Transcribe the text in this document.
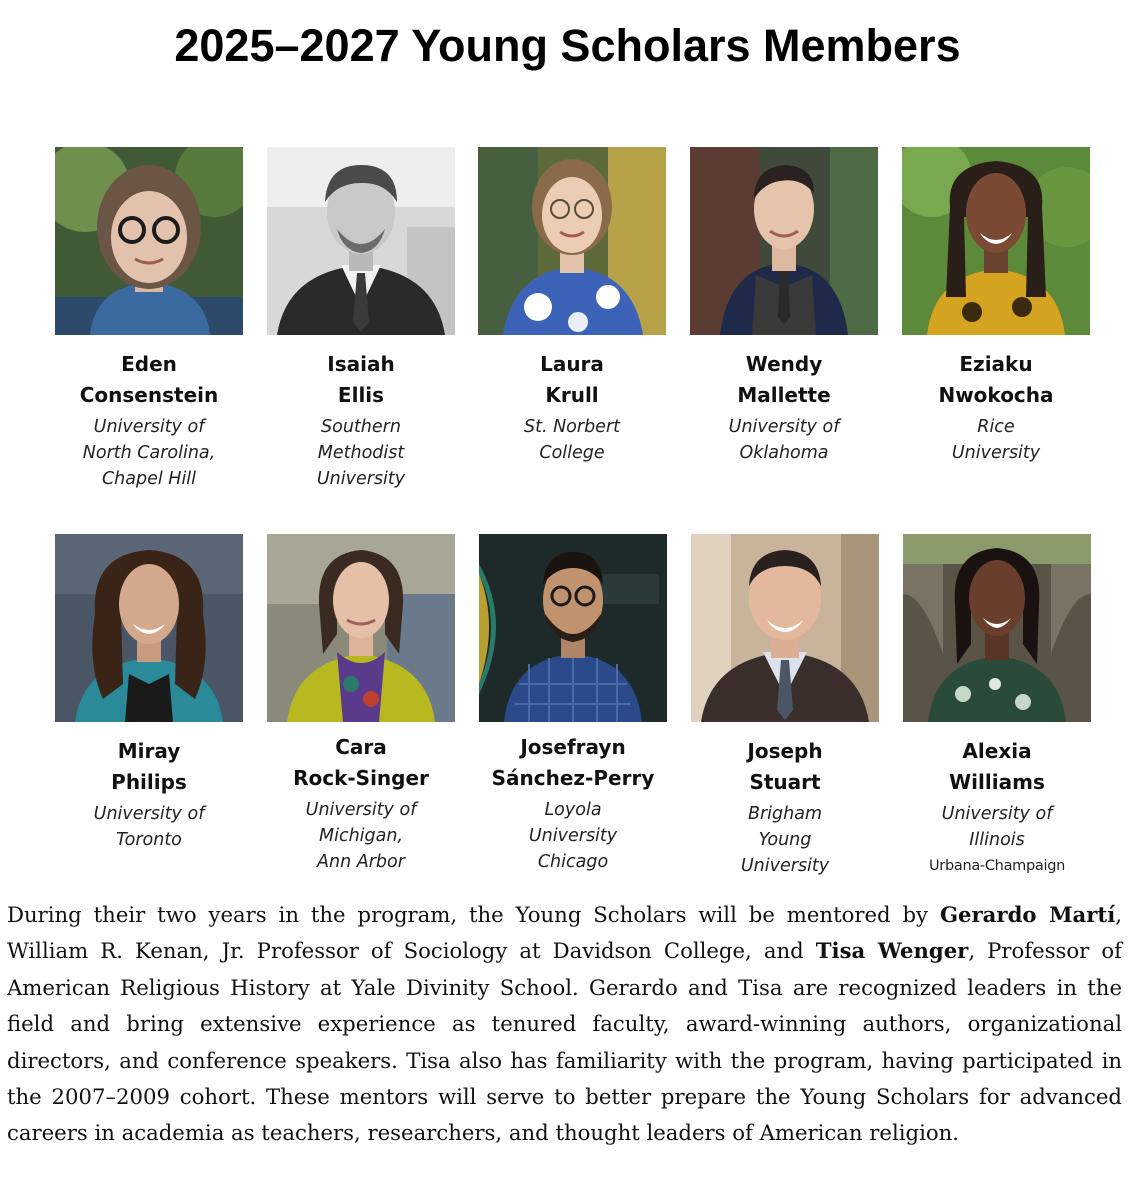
2025–2027 Young Scholars Members
Eden
Consenstein
University of
North Carolina,
Chapel Hill
Isaiah
Ellis
Southern
Methodist
University
Laura
Krull
St. Norbert
College
Wendy
Mallette
University of
Oklahoma
Eziaku
Nwokocha
Rice
University
Miray
Philips
University of
Toronto
Cara
Rock-Singer
University of
Michigan,
Ann Arbor
Josefrayn
Sánchez-Perry
Loyola
University
Chicago
Joseph
Stuart
Brigham
Young
University
Alexia
Williams
University of
Illinois
Urbana-Champaign

During their two years in the program, the Young Scholars will be mentored by Gerardo Martí, William R. Kenan, Jr. Professor of Sociology at Davidson College, and Tisa Wenger, Professor of American Religious History at Yale Divinity School. Gerardo and Tisa are recognized leaders in the field and bring extensive experience as tenured faculty, award-winning authors, organizational directors, and conference speakers. Tisa also has familiarity with the program, having participated in the 2007–2009 cohort. These mentors will serve to better prepare the Young Scholars for advanced careers in academia as teachers, researchers, and thought leaders of American religion.
